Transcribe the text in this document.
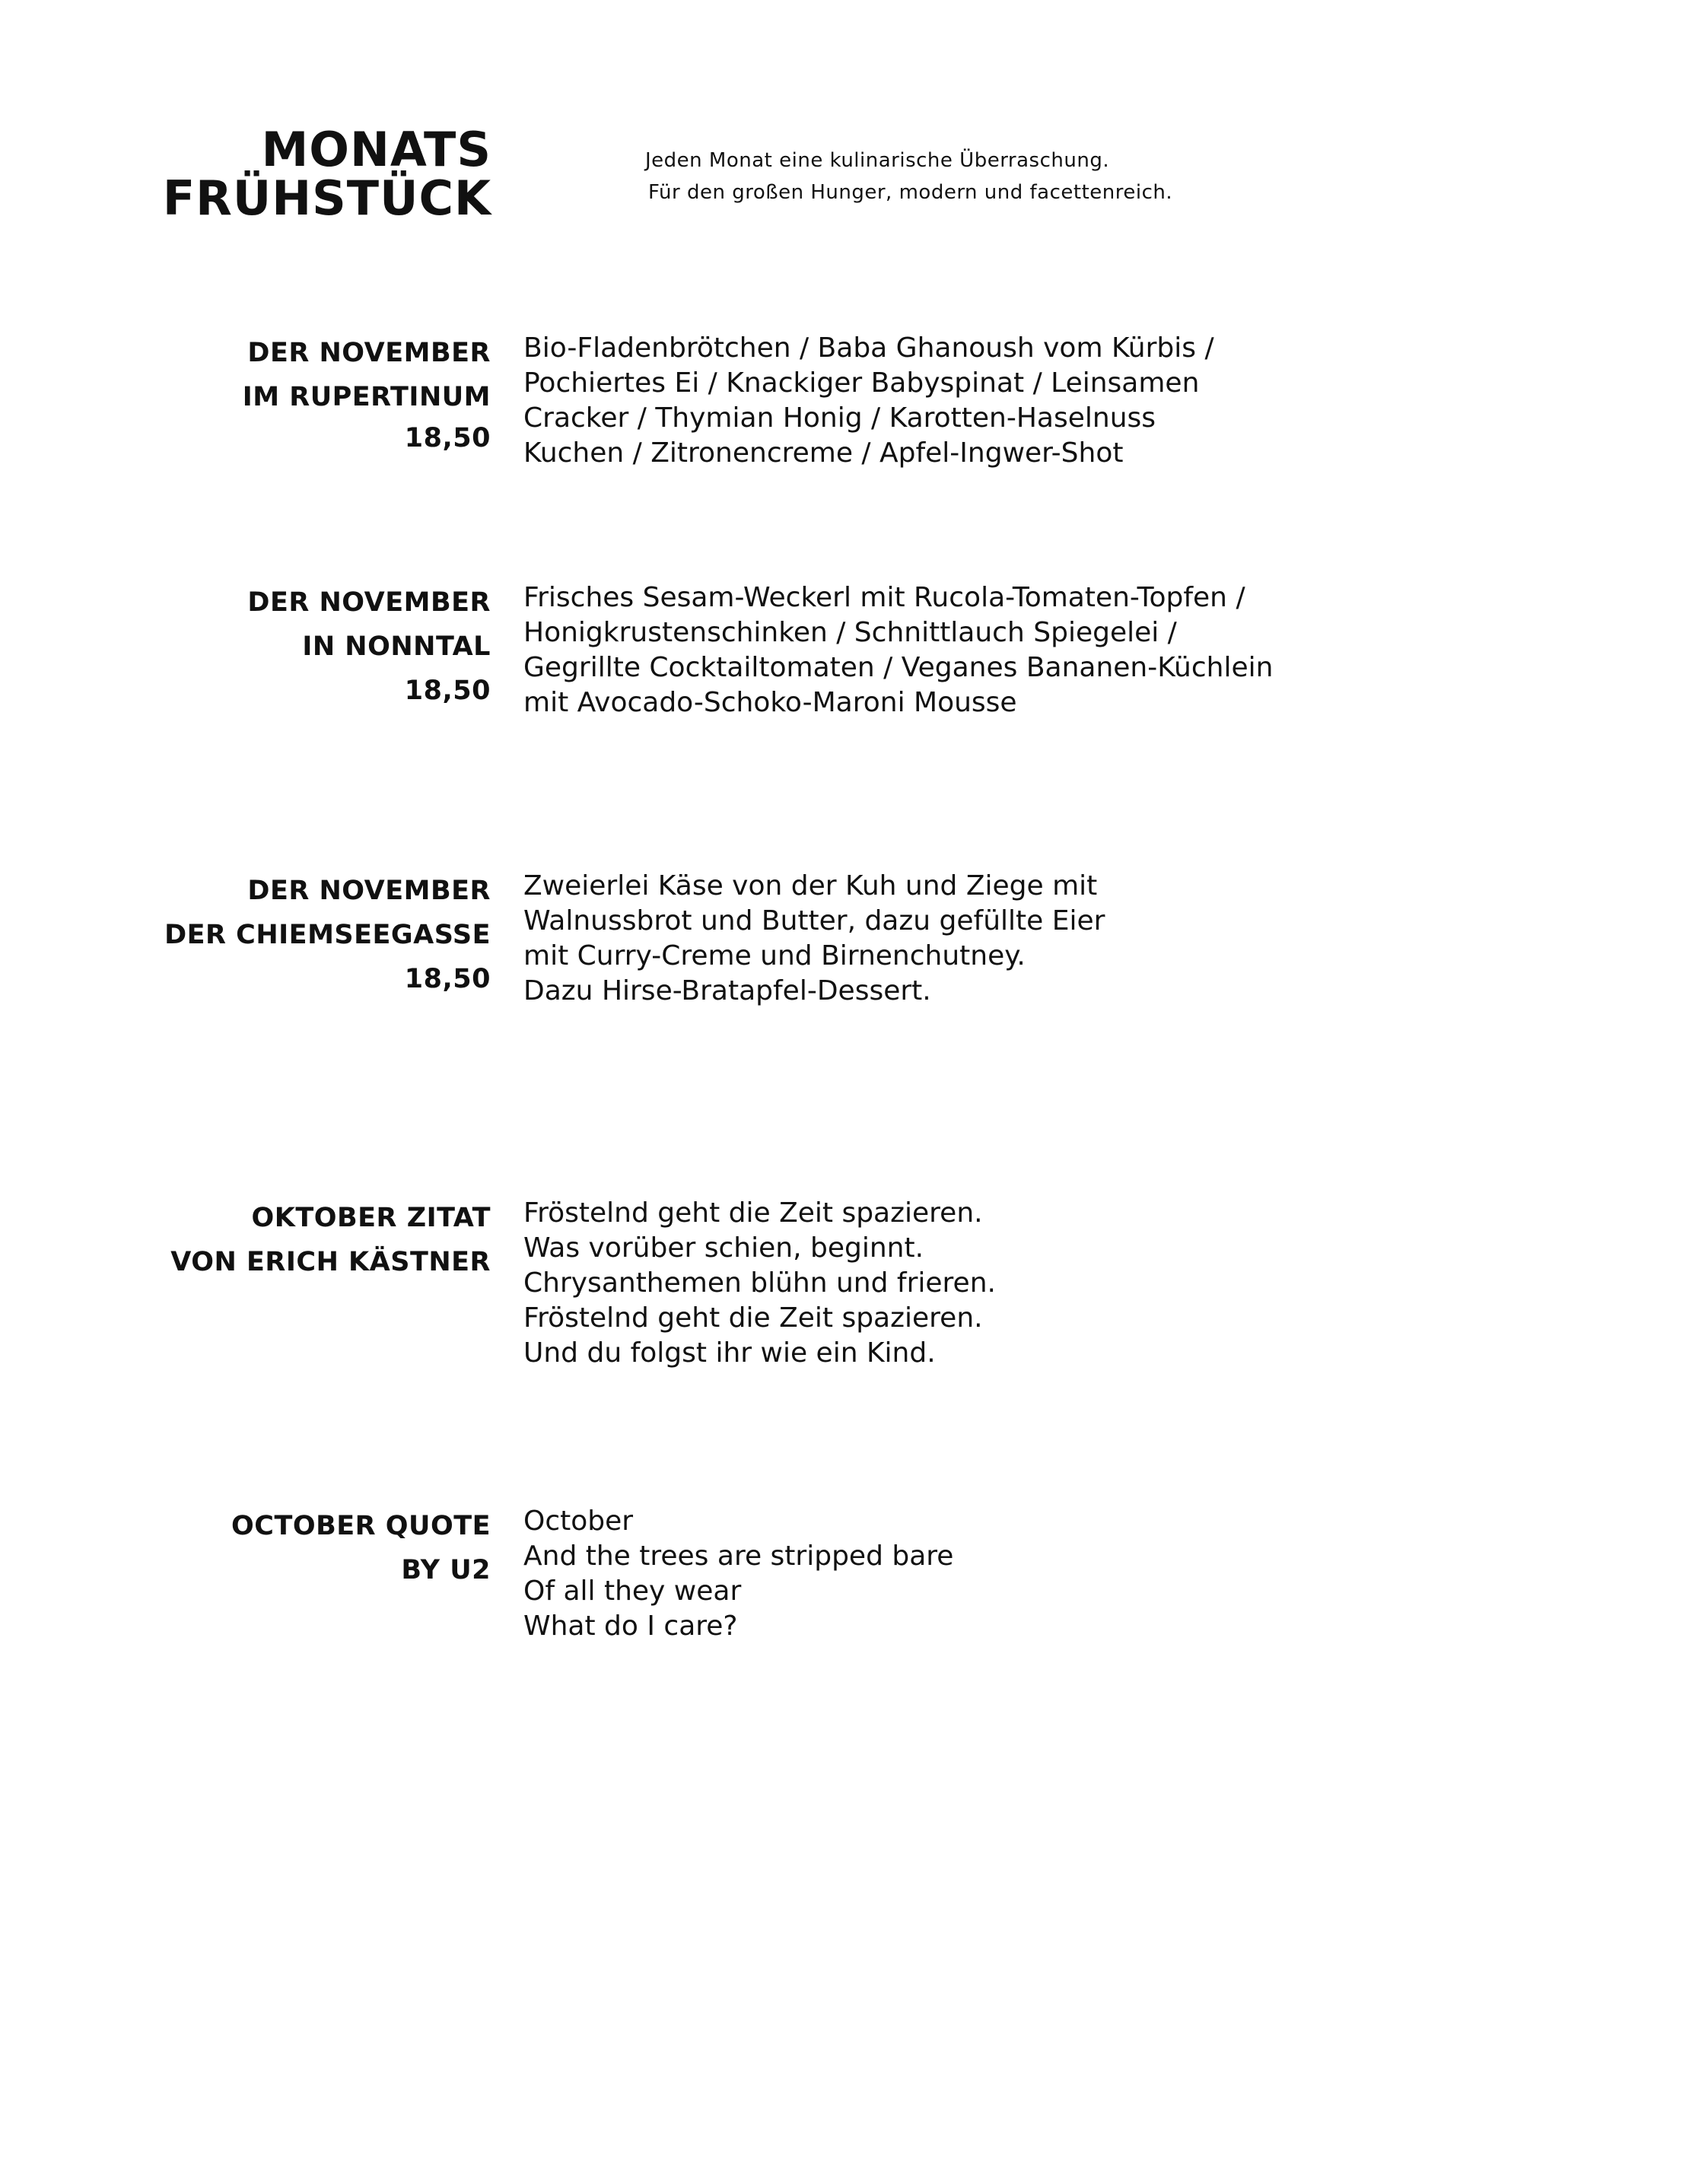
MONATS
FRÜHSTÜCK
Jeden Monat eine kulinarische Überraschung.
Für den großen Hunger, modern und facettenreich.
DER NOVEMBER
IM RUPERTINUM
18,50
Bio-Fladenbrötchen / Baba Ghanoush vom Kürbis /
Pochiertes Ei / Knackiger Babyspinat / Leinsamen
Cracker / Thymian Honig / Karotten-Haselnuss
Kuchen / Zitronencreme / Apfel-Ingwer-Shot
DER NOVEMBER
IN NONNTAL
18,50
Frisches Sesam-Weckerl mit Rucola-Tomaten-Topfen /
Honigkrustenschinken / Schnittlauch Spiegelei /
Gegrillte Cocktailtomaten / Veganes Bananen-Küchlein
mit Avocado-Schoko-Maroni Mousse
DER NOVEMBER
DER CHIEMSEEGASSE
18,50
Zweierlei Käse von der Kuh und Ziege mit
Walnussbrot und Butter, dazu gefüllte Eier
mit Curry-Creme und Birnenchutney.
Dazu Hirse-Bratapfel-Dessert.
OKTOBER ZITAT
VON ERICH KÄSTNER
Fröstelnd geht die Zeit spazieren.
Was vorüber schien, beginnt.
Chrysanthemen blühn und frieren.
Fröstelnd geht die Zeit spazieren.
Und du folgst ihr wie ein Kind.
OCTOBER QUOTE
BY U2
October
And the trees are stripped bare
Of all they wear
What do I care?
